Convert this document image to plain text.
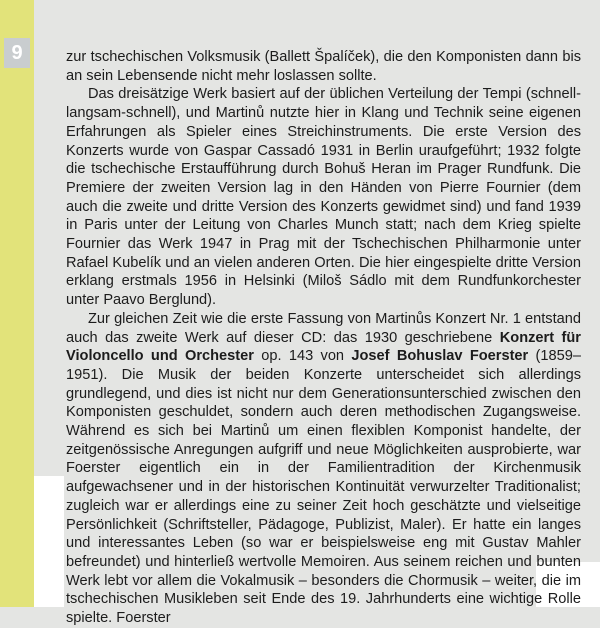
9	zur tschechischen Volksmusik (Ballett Špalíček), die den Komponisten dann bis an sein Lebensende nicht mehr loslassen sollte.

Das dreisätzige Werk basiert auf der üblichen Verteilung der Tempi (schnell-langsam-schnell), und Martinů nutzte hier in Klang und Technik seine eigenen Erfahrungen als Spieler eines Streichinstruments. Die erste Version des Konzerts wurde von Gaspar Cassadó 1931 in Berlin uraufgeführt; 1932 folgte die tschechische Erstaufführung durch Bohuš Heran im Prager Rundfunk. Die Premiere der zweiten Version lag in den Händen von Pierre Fournier (dem auch die zweite und dritte Version des Konzerts gewidmet sind) und fand 1939 in Paris unter der Leitung von Charles Munch statt; nach dem Krieg spielte Fournier das Werk 1947 in Prag mit der Tschechischen Philharmonie unter Rafael Kubelík und an vielen anderen Orten. Die hier eingespielte dritte Version erklang erstmals 1956 in Helsinki (Miloš Sádlo mit dem Rundfunkorchester unter Paavo Berglund).

Zur gleichen Zeit wie die erste Fassung von Martinůs Konzert Nr. 1 entstand auch das zweite Werk auf dieser CD: das 1930 geschriebene Konzert für Violoncello und Orchester op. 143 von Josef Bohuslav Foerster (1859–1951). Die Musik der beiden Konzerte unterscheidet sich allerdings grundlegend, und dies ist nicht nur dem Generationsunterschied zwischen den Komponisten geschuldet, sondern auch deren methodischen Zugangsweise. Während es sich bei Martinů um einen flexiblen Komponist handelte, der zeitgenössische Anregungen aufgriff und neue Möglichkeiten ausprobierte, war Foerster eigentlich ein in der Familientradition der Kirchenmusik aufgewachsener und in der historischen Kontinuität verwurzelter Traditionalist; zugleich war er allerdings eine zu seiner Zeit hoch geschätzte und vielseitige Persönlichkeit (Schriftsteller, Pädagoge, Publizist, Maler). Er hatte ein langes und interessantes Leben (so war er beispielsweise eng mit Gustav Mahler befreundet) und hinterließ wertvolle Memoiren. Aus seinem reichen und bunten Werk lebt vor allem die Vokalmusik – besonders die Chormusik – weiter, die im tschechischen Musikleben seit Ende des 19. Jahrhunderts eine wichtige Rolle spielte. Foerster
